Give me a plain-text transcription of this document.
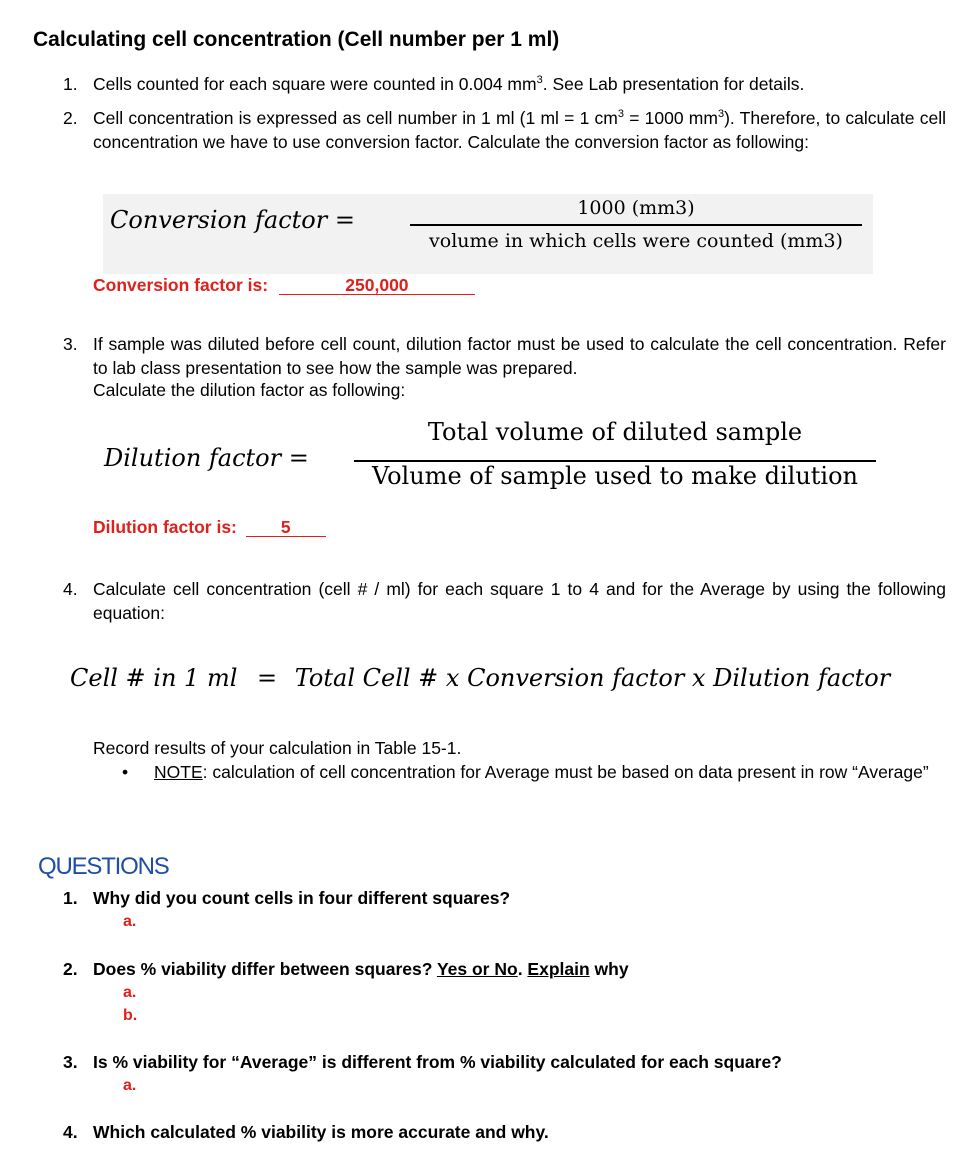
Calculating cell concentration (Cell number per 1 ml)
1. Cells counted for each square were counted in 0.004 $mm^3$. See Lab presentation for details.
2. Cell concentration is expressed as cell number in 1 ml (1 ml = 1 $cm^3 = 1000$ $mm^3$). Therefore, to calculate cell concentration we have to use conversion factor. Calculate the conversion factor as following:
Conversion factor =	1000 (mm3)
volume in which cells were counted (mm3)
Conversion factor is:	250,000
3. If sample was diluted before cell count, dilution factor must be used to calculate the cell concentration. Refer to lab class presentation to see how the sample was prepared.
Calculate the dilution factor as following:
Dilution factor =
Total volume of diluted sample
Volume of sample used to make dilution
Dilution factor is:	5
4. Calculate cell concentration (cell # / ml) for each square 1 to 4 and for the Average by using the following equation:
Cell # in 1 ml = Total Cell # x Conversion factor x Dilution factor
Record results of your calculation in Table 15-1.
• NOTE: calculation of cell concentration for Average must be based on data present in row “Average”
QUESTIONS
1. Why did you count cells in four different squares?
a.
2. Does % viability differ between squares? Yes or No. Explain why
a.
b.
3. Is % viability for “Average” is different from % viability calculated for each square?
a.
4. Which calculated % viability is more accurate and why.
